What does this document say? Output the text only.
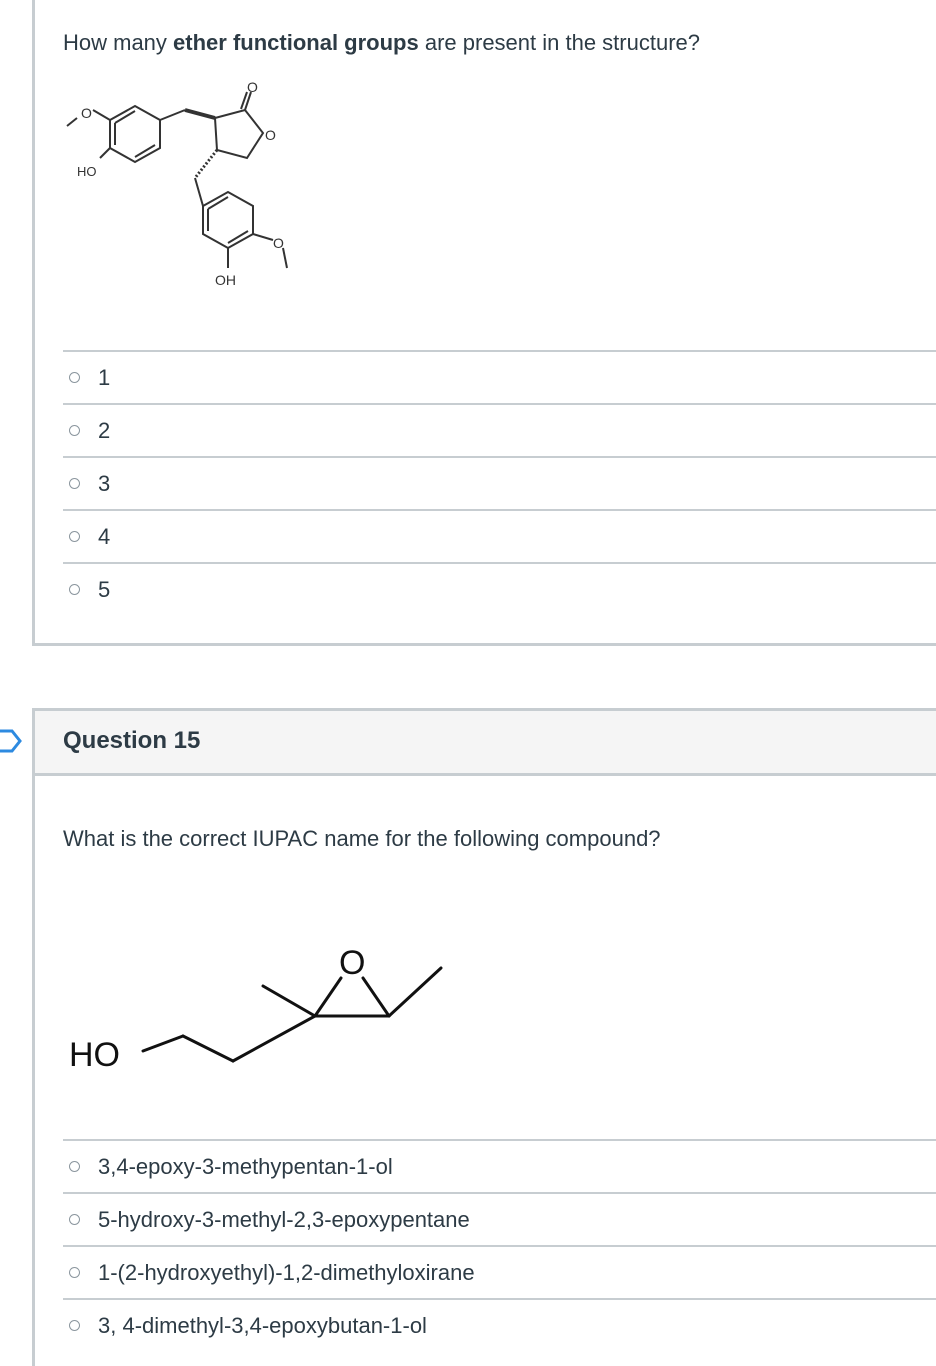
How many ether functional groups are present in the structure?
O
HO
O
O
O
OH
1
2
3
4
5
Question 15
What is the correct IUPAC name for the following compound?
O
HO
3,4-epoxy-3-methypentan-1-ol
5-hydroxy-3-methyl-2,3-epoxypentane
1-(2-hydroxyethyl)-1,2-dimethyloxirane
3, 4-dimethyl-3,4-epoxybutan-1-ol
